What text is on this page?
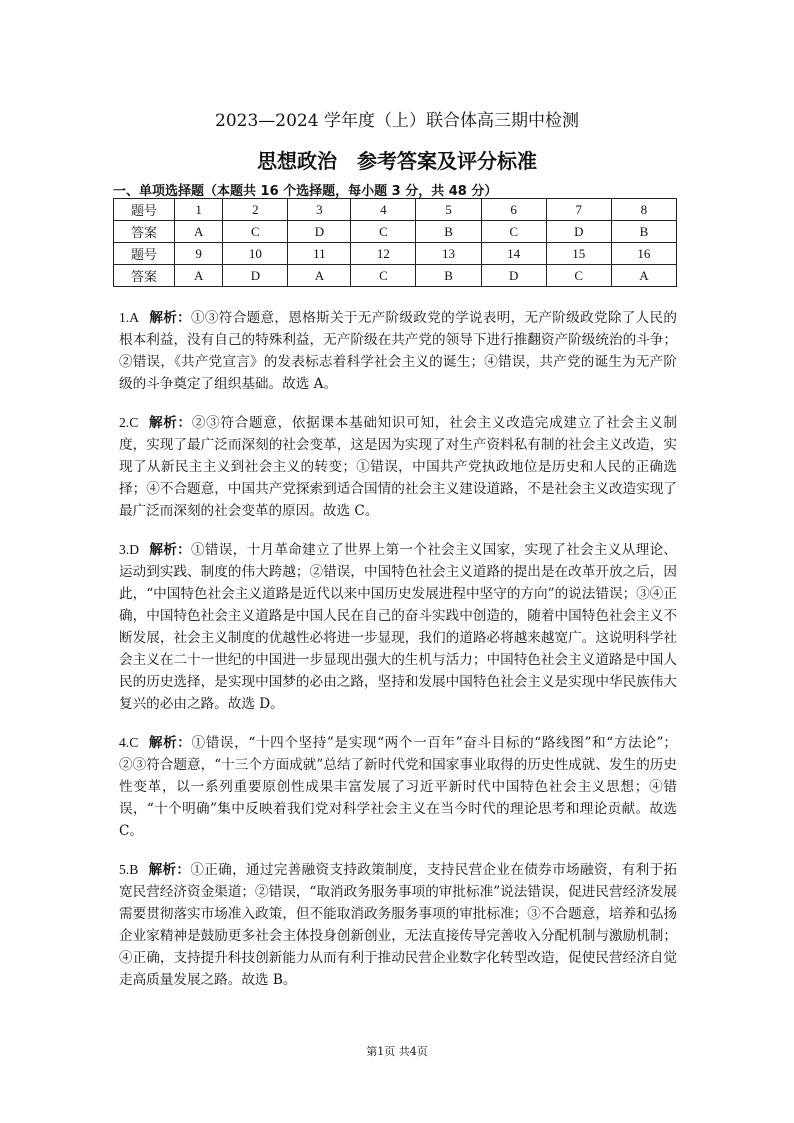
2023—2024 学年度（上）联合体高三期中检测
思想政治　参考答案及评分标准
一、单项选择题（本题共 16 个选择题，每小题 3 分，共 48 分）
题号	1	2	3	4	5	6	7	8
答案	A	C	D	C	B	C	D	B
题号	9	10	11	12	13	14	15	16
答案	A	D	A	C	B	D	C	A

1.A 解析：①③符合题意，恩格斯关于无产阶级政党的学说表明，无产阶级政党除了人民的根本利益，没有自己的特殊利益，无产阶级在共产党的领导下进行推翻资产阶级统治的斗争；②错误，《共产党宣言》的发表标志着科学社会主义的诞生；④错误，共产党的诞生为无产阶级的斗争奠定了组织基础。故选 A。

2.C 解析：②③符合题意，依据课本基础知识可知，社会主义改造完成建立了社会主义制度，实现了最广泛而深刻的社会变革，这是因为实现了对生产资料私有制的社会主义改造，实现了从新民主主义到社会主义的转变；①错误，中国共产党执政地位是历史和人民的正确选择；④不合题意，中国共产党探索到适合国情的社会主义建设道路，不是社会主义改造实现了最广泛而深刻的社会变革的原因。故选 C。

3.D 解析：①错误，十月革命建立了世界上第一个社会主义国家，实现了社会主义从理论、运动到实践、制度的伟大跨越；②错误，中国特色社会主义道路的提出是在改革开放之后，因此，“中国特色社会主义道路是近代以来中国历史发展进程中坚守的方向”的说法错误；③④正确，中国特色社会主义道路是中国人民在自己的奋斗实践中创造的，随着中国特色社会主义不断发展，社会主义制度的优越性必将进一步显现，我们的道路必将越来越宽广。这说明科学社会主义在二十一世纪的中国进一步显现出强大的生机与活力；中国特色社会主义道路是中国人民的历史选择，是实现中国梦的必由之路，坚持和发展中国特色社会主义是实现中华民族伟大复兴的必由之路。故选 D。

4.C 解析：①错误，“十四个坚持”是实现“两个一百年”奋斗目标的“路线图”和“方法论”；②③符合题意，“十三个方面成就”总结了新时代党和国家事业取得的历史性成就、发生的历史性变革，以一系列重要原创性成果丰富发展了习近平新时代中国特色社会主义思想；④错误，“十个明确”集中反映着我们党对科学社会主义在当今时代的理论思考和理论贡献。故选 C。

5.B 解析：①正确，通过完善融资支持政策制度，支持民营企业在债券市场融资，有利于拓宽民营经济资金渠道；②错误，“取消政务服务事项的审批标准”说法错误，促进民营经济发展需要贯彻落实市场准入政策，但不能取消政务服务事项的审批标准；③不合题意，培养和弘扬企业家精神是鼓励更多社会主体投身创新创业，无法直接传导完善收入分配机制与激励机制；④正确，支持提升科技创新能力从而有利于推动民营企业数字化转型改造，促使民营经济自觉走高质量发展之路。故选 B。

第1页 共4页
